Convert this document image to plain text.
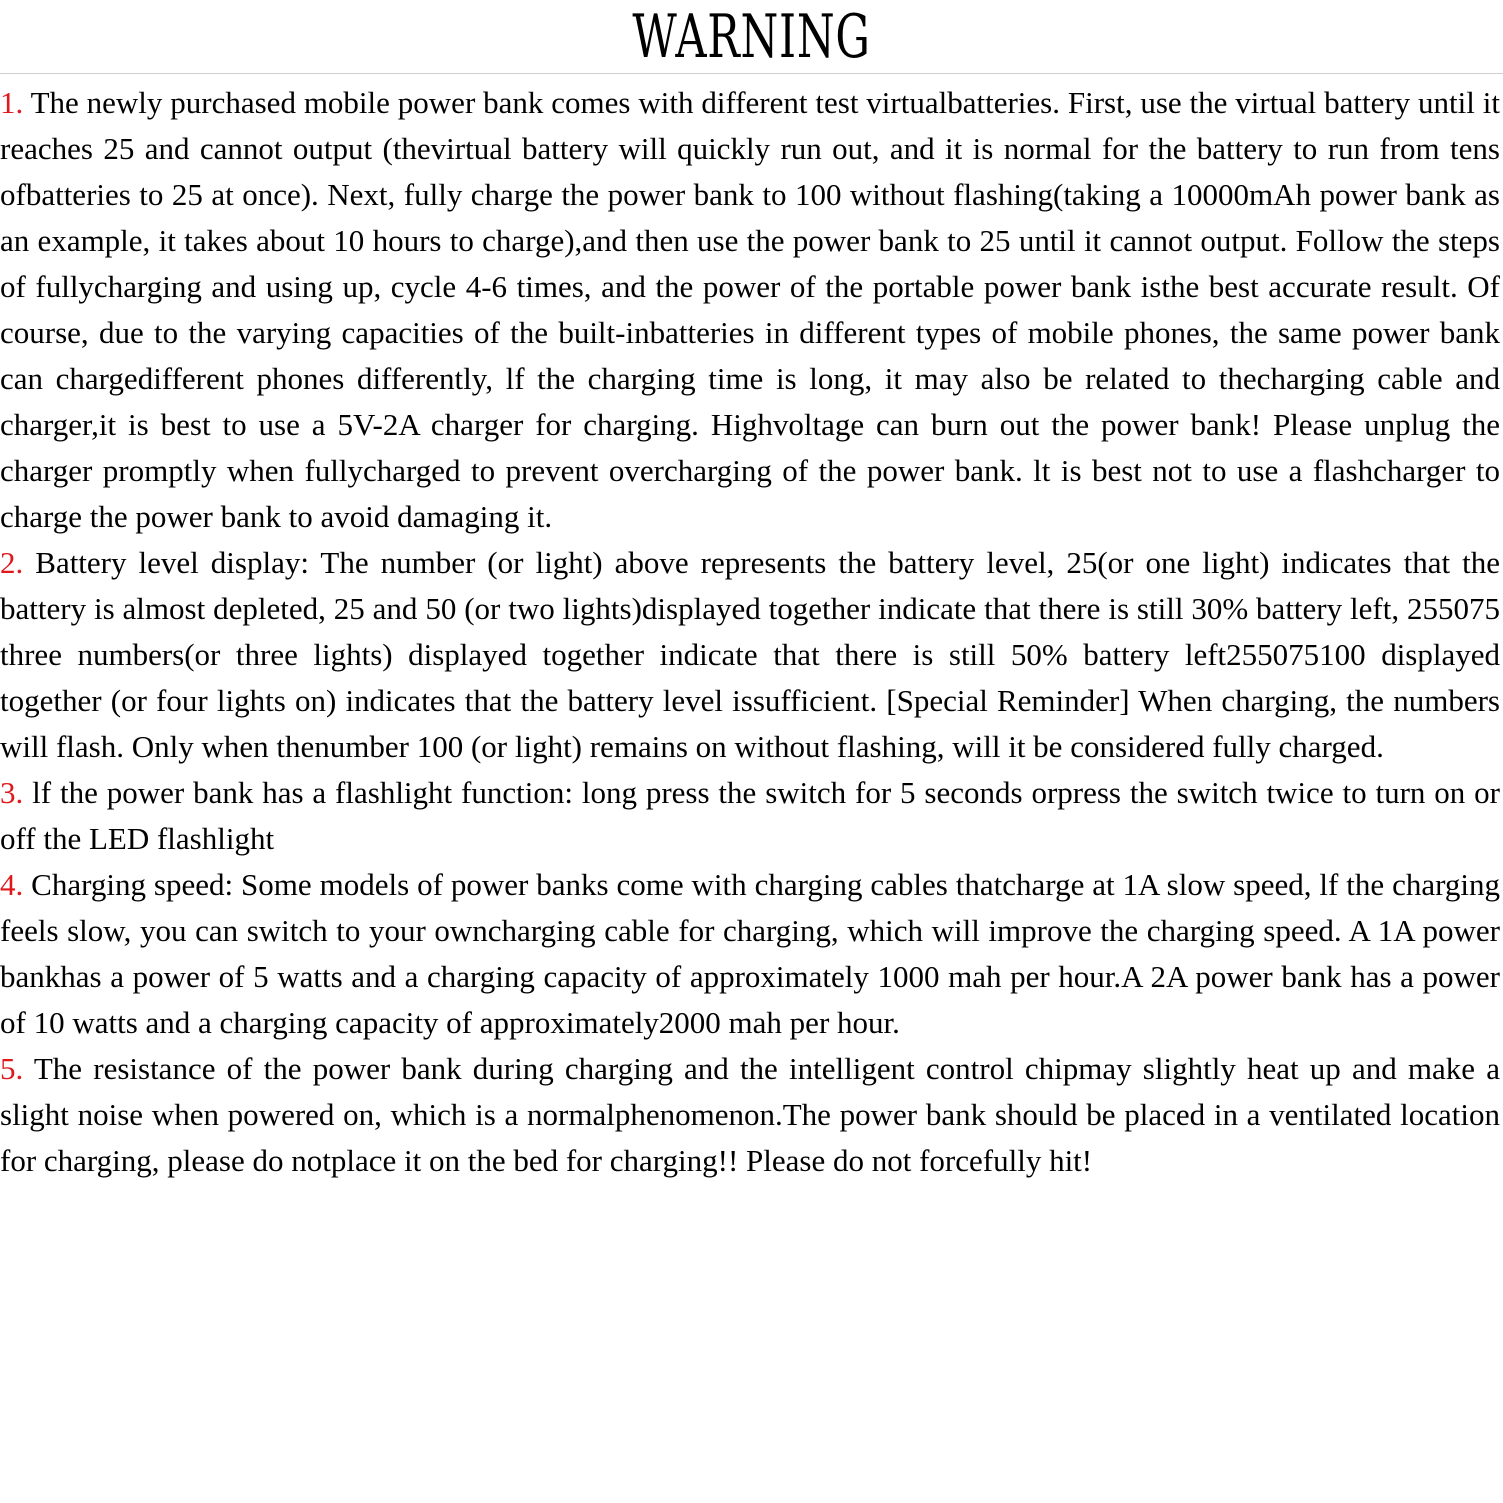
WARNING

1. The newly purchased mobile power bank comes with different test virtualbatteries. First, use the virtual battery until it reaches 25 and cannot output (thevirtual battery will quickly run out, and it is normal for the battery to run from tens ofbatteries to 25 at once). Next, fully charge the power bank to 100 without flashing(taking a 10000mAh power bank as an example, it takes about 10 hours to charge),and then use the power bank to 25 until it cannot output. Follow the steps of fullycharging and using up, cycle 4-6 times, and the power of the portable power bank isthe best accurate result. Of course, due to the varying capacities of the built-inbatteries in different types of mobile phones, the same power bank can chargedifferent phones differently, lf the charging time is long, it may also be related to thecharging cable and charger,it is best to use a 5V-2A charger for charging. Highvoltage can burn out the power bank! Please unplug the charger promptly when fullycharged to prevent overcharging of the power bank. lt is best not to use a flashcharger to charge the power bank to avoid damaging it.

2. Battery level display: The number (or light) above represents the battery level, 25(or one light) indicates that the battery is almost depleted, 25 and 50 (or two lights)displayed together indicate that there is still 30% battery left, 255075 three numbers(or three lights) displayed together indicate that there is still 50% battery left255075100 displayed together (or four lights on) indicates that the battery level issufficient. [Special Reminder] When charging, the numbers will flash. Only when thenumber 100 (or light) remains on without flashing, will it be considered fully charged.

3. lf the power bank has a flashlight function: long press the switch for 5 seconds orpress the switch twice to turn on or off the LED flashlight

4. Charging speed: Some models of power banks come with charging cables thatcharge at 1A slow speed, lf the charging feels slow, you can switch to your owncharging cable for charging, which will improve the charging speed. A 1A power bankhas a power of 5 watts and a charging capacity of approximately 1000 mah per hour.A 2A power bank has a power of 10 watts and a charging capacity of approximately2000 mah per hour.

5. The resistance of the power bank during charging and the intelligent control chipmay slightly heat up and make a slight noise when powered on, which is a normalphenomenon.The power bank should be placed in a ventilated location for charging, please do notplace it on the bed for charging!! Please do not forcefully hit!
